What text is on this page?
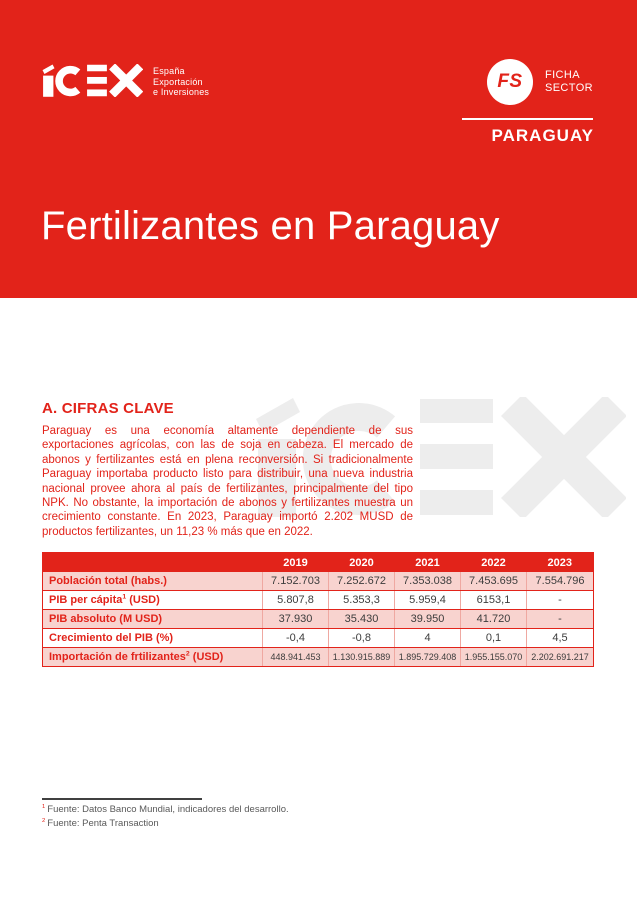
España
Exportación
e Inversiones	FS	FICHA
SECTOR
PARAGUAY
Fertilizantes en Paraguay
A. CIFRAS CLAVE
Paraguay es una economía altamente dependiente de sus exportaciones agrícolas, con las de soja en cabeza. El mercado de abonos y fertilizantes está en plena reconversión. Si tradicionalmente Paraguay importaba producto listo para distribuir, una nueva industria nacional provee ahora al país de fertilizantes, principalmente del tipo NPK. No obstante, la importación de abonos y fertilizantes muestra un crecimiento constante. En 2023, Paraguay importó 2.202 MUSD de productos fertilizantes, un 11,23 % más que en 2022.
	2019	2020	2021	2022	2023
Población total (habs.)	7.152.703	7.252.672	7.353.038	7.453.695	7.554.796
PIB per cápita$^1$ (USD)	5.807,8	5.353,3	5.959,4	6153,1	-
PIB absoluto (M USD)	37.930	35.430	39.950	41.720	-
Crecimiento del PIB (%)	-0,4	-0,8	4	0,1	4,5
Importación de frtilizantes$^2$ (USD)	448.941.453	1.130.915.889	1.895.729.408	1.955.155.070	2.202.691.217
$^1$ Fuente: Datos Banco Mundial, indicadores del desarrollo.
$^2$ Fuente: Penta Transaction
